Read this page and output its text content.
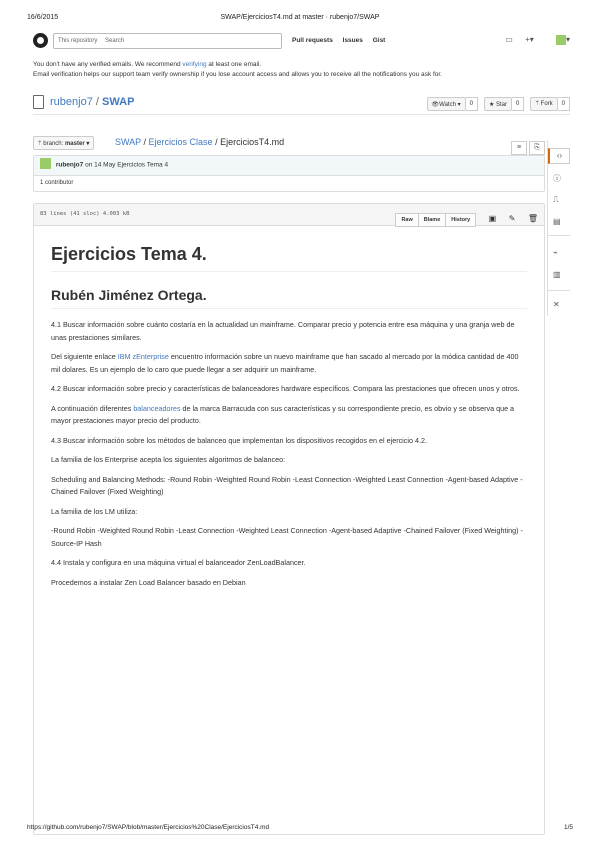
16/6/2015	SWAP/EjerciciosT4.md at master · rubenjo7/SWAP
This repository Search	Pull requests Issues Gist	▭ +▾	▾
You don't have any verified emails. We recommend verifying at least one email.
Email verification helps our support team verify ownership if you lose account access and allows you to receive all the notifications you ask for.
rubenjo7 / SWAP	👁Watch ▾ 0	★ Star 0	ᛘ Fork 0
‹›
ⓘ
⎍
▤
⌁
▥
✕
ᛘ branch: master ▾	SWAP / Ejercicios Clase / EjerciciosT4.md
≡ ⎘
rubenjo7 on 14 May Ejercicios Tema 4
1 contributor
83 lines (41 sloc) 4.003 kB
Raw Blame History ▣ ✎ 🗑
Ejercicios Tema 4.
Rubén Jiménez Ortega.

4.1 Buscar información sobre cuánto costaría en la actualidad un mainframe. Comparar precio y potencia entre esa máquina y una granja web de unas prestaciones similares.

Del siguiente enlace IBM zEnterprise encuentro información sobre un nuevo mainframe que han sacado al mercado por la módica cantidad de 400 mil dolares. Es un ejemplo de lo caro que puede llegar a ser adquirir un mainframe.

4.2 Buscar información sobre precio y características de balanceadores hardware específicos. Compara las prestaciones que ofrecen unos y otros.

A continuación diferentes balanceadores de la marca Barracuda con sus características y su correspondiente precio, es obvio y se observa que a mayor prestaciones mayor precio del producto.

4.3 Buscar información sobre los métodos de balanceo que implementan los dispositivos recogidos en el ejercicio 4.2.

La familia de los Enterprise acepta los siguientes algoritmos de balanceo:

Scheduling and Balancing Methods: -Round Robin -Weighted Round Robin -Least Connection -Weighted Least Connection -Agent-based Adaptive -Chained Failover (Fixed Weighting)

La familia de los LM utiliza:

-Round Robin -Weighted Round Robin -Least Connection -Weighted Least Connection -Agent-based Adaptive -Chained Failover (Fixed Weighting) -Source-IP Hash

4.4 Instala y configura en una máquina virtual el balanceador ZenLoadBalancer.

Procedemos a instalar Zen Load Balancer basado en Debian

https://github.com/rubenjo7/SWAP/blob/master/Ejercicios%20Clase/EjerciciosT4.md	1/5
